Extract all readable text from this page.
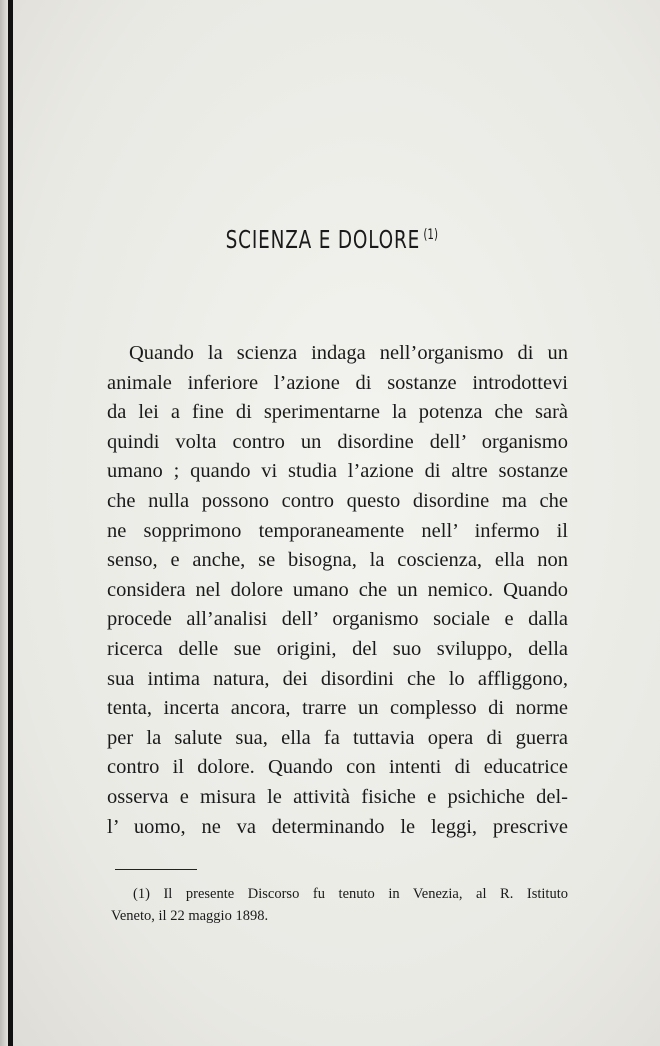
SCIENZA E DOLORE $^{(1)}$
Quando la scienza indaga nell’organismo di un
animale inferiore l’azione di sostanze introdottevi
da lei a fine di sperimentarne la potenza che sarà
quindi volta contro un disordine dell’ organismo
umano ; quando vi studia l’azione di altre sostanze
che nulla possono contro questo disordine ma che
ne sopprimono temporaneamente nell’ infermo il
senso, e anche, se bisogna, la coscienza, ella non
considera nel dolore umano che un nemico. Quando
procede all’analisi dell’ organismo sociale e dalla
ricerca delle sue origini, del suo sviluppo, della
sua intima natura, dei disordini che lo affliggono,
tenta, incerta ancora, trarre un complesso di norme
per la salute sua, ella fa tuttavia opera di guerra
contro il dolore. Quando con intenti di educatrice
osserva e misura le attività fisiche e psichiche del-
l’ uomo, ne va determinando le leggi, prescrive
(1) Il presente Discorso fu tenuto in Venezia, al R. Istituto
Veneto, il 22 maggio 1898.
